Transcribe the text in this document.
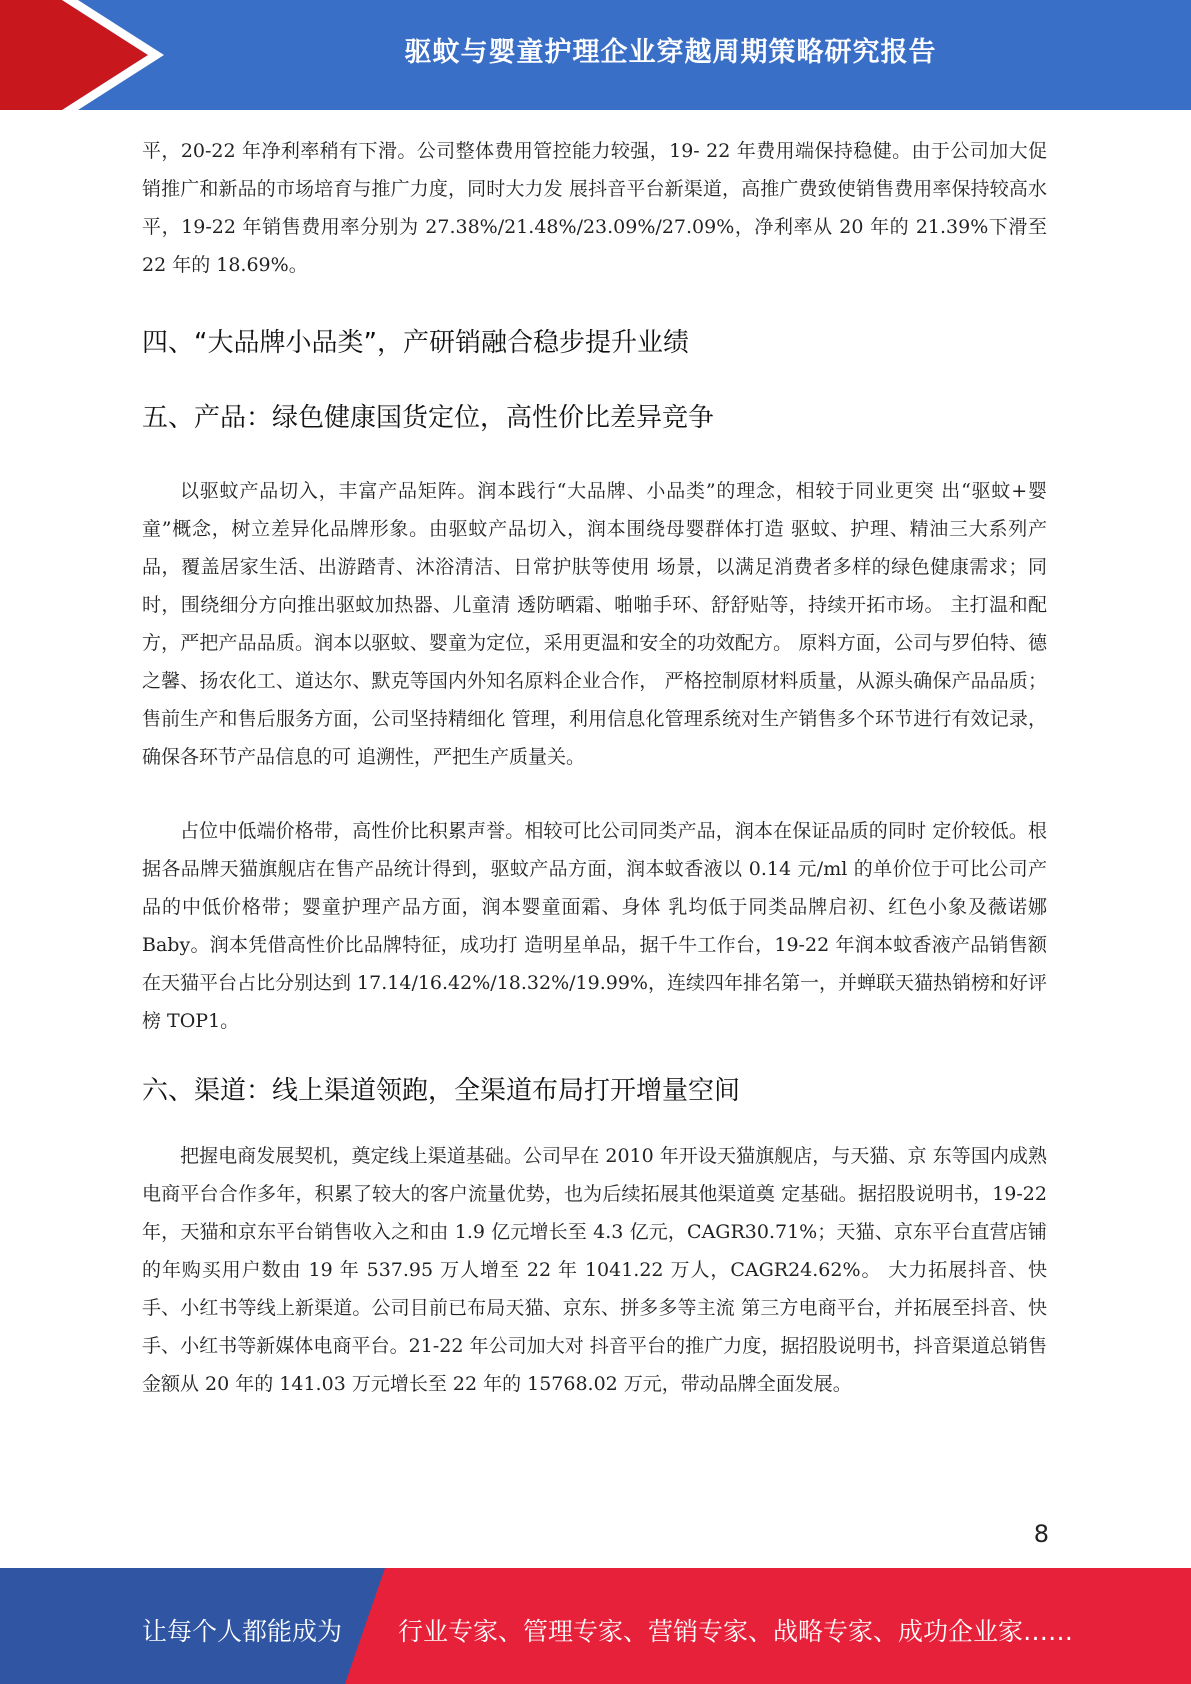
驱蚊与婴童护理企业穿越周期策略研究报告

平，20-22 年净利率稍有下滑。公司整体费用管控能力较强，19- 22 年费用端保持稳健。由于公司加大促销推广和新品的市场培育与推广力度，同时大力发 展抖音平台新渠道，高推广费致使销售费用率保持较高水平，19-22 年销售费用率分别为 27.38%/21.48%/23.09%/27.09%，净利率从 20 年的 21.39%下滑至 22 年的 18.69%。

四、“大品牌小品类”，产研销融合稳步提升业绩
五、产品：绿色健康国货定位，高性价比差异竞争

以驱蚊产品切入，丰富产品矩阵。润本践行“大品牌、小品类”的理念，相较于同业更突 出“驱蚊+婴童”概念，树立差异化品牌形象。由驱蚊产品切入，润本围绕母婴群体打造 驱蚊、护理、精油三大系列产品，覆盖居家生活、出游踏青、沐浴清洁、日常护肤等使用 场景，以满足消费者多样的绿色健康需求；同时，围绕细分方向推出驱蚊加热器、儿童清 透防晒霜、啪啪手环、舒舒贴等，持续开拓市场。 主打温和配方，严把产品品质。润本以驱蚊、婴童为定位，采用更温和安全的功效配方。 原料方面，公司与罗伯特、德之馨、扬农化工、道达尔、默克等国内外知名原料企业合作， 严格控制原材料质量，从源头确保产品品质；售前生产和售后服务方面，公司坚持精细化 管理，利用信息化管理系统对生产销售多个环节进行有效记录，确保各环节产品信息的可 追溯性，严把生产质量关。

占位中低端价格带，高性价比积累声誉。相较可比公司同类产品，润本在保证品质的同时 定价较低。根据各品牌天猫旗舰店在售产品统计得到，驱蚊产品方面，润本蚊香液以 0.14 元/ml 的单价位于可比公司产品的中低价格带；婴童护理产品方面，润本婴童面霜、身体 乳均低于同类品牌启初、红色小象及薇诺娜 Baby。润本凭借高性价比品牌特征，成功打 造明星单品，据千牛工作台，19-22 年润本蚊香液产品销售额在天猫平台占比分别达到 17.14/16.42%/18.32%/19.99%，连续四年排名第一，并蝉联天猫热销榜和好评榜 TOP1。

六、渠道：线上渠道领跑，全渠道布局打开增量空间

把握电商发展契机，奠定线上渠道基础。公司早在 2010 年开设天猫旗舰店，与天猫、京 东等国内成熟电商平台合作多年，积累了较大的客户流量优势，也为后续拓展其他渠道奠 定基础。据招股说明书，19-22 年，天猫和京东平台销售收入之和由 1.9 亿元增长至 4.3 亿元，CAGR30.71%；天猫、京东平台直营店铺的年购买用户数由 19 年 537.95 万人增至 22 年 1041.22 万人，CAGR24.62%。 大力拓展抖音、快手、小红书等线上新渠道。公司目前已布局天猫、京东、拼多多等主流 第三方电商平台，并拓展至抖音、快手、小红书等新媒体电商平台。21-22 年公司加大对 抖音平台的推广力度，据招股说明书，抖音渠道总销售金额从 20 年的 141.03 万元增长至 22 年的 15768.02 万元，带动品牌全面发展。

8
让每个人都能成为 行业专家、管理专家、营销专家、战略专家、成功企业家……
